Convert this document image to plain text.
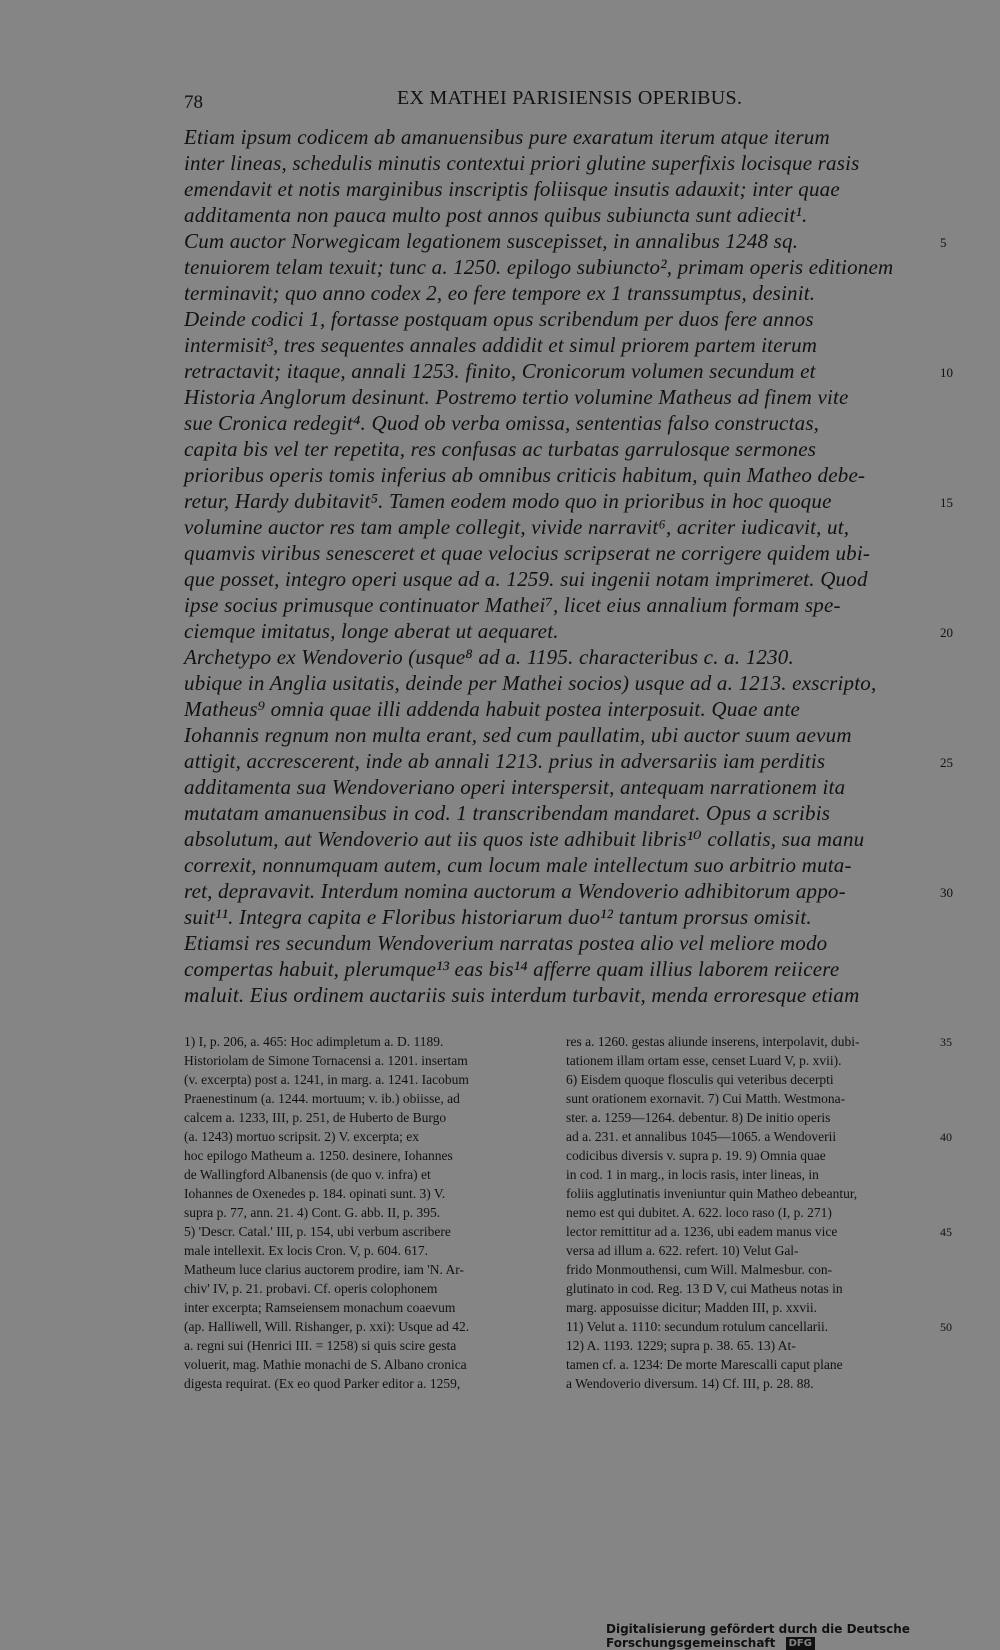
78	EX MATHEI PARISIENSIS OPERIBUS.
Etiam ipsum codicem ab amanuensibus pure exaratum iterum atque iterum
inter lineas, schedulis minutis contextui priori glutine superfixis locisque rasis
emendavit et notis marginibus inscriptis foliisque insutis adauxit; inter quae
additamenta non pauca multo post annos quibus subiuncta sunt adiecit¹.
Cum auctor Norwegicam legationem suscepisset, in annalibus 1248 sq.
tenuiorem telam texuit; tunc a. 1250. epilogo subiuncto², primam operis editionem
terminavit; quo anno codex 2, eo fere tempore ex 1 transsumptus, desinit.
Deinde codici 1, fortasse postquam opus scribendum per duos fere annos
intermisit³, tres sequentes annales addidit et simul priorem partem iterum
retractavit; itaque, annali 1253. finito, Cronicorum volumen secundum et
Historia Anglorum desinunt. Postremo tertio volumine Matheus ad finem vite
sue Cronica redegit⁴. Quod ob verba omissa, sententias falso constructas,
capita bis vel ter repetita, res confusas ac turbatas garrulosque sermones
prioribus operis tomis inferius ab omnibus criticis habitum, quin Matheo debe-
retur, Hardy dubitavit⁵. Tamen eodem modo quo in prioribus in hoc quoque
volumine auctor res tam ample collegit, vivide narravit⁶, acriter iudicavit, ut,
quamvis viribus senesceret et quae velocius scripserat ne corrigere quidem ubi-
que posset, integro operi usque ad a. 1259. sui ingenii notam imprimeret. Quod
ipse socius primusque continuator Mathei⁷, licet eius annalium formam spe-
ciemque imitatus, longe aberat ut aequaret.
Archetypo ex Wendoverio (usque⁸ ad a. 1195. characteribus c. a. 1230.
ubique in Anglia usitatis, deinde per Mathei socios) usque ad a. 1213. exscripto,
Matheus⁹ omnia quae illi addenda habuit postea interposuit. Quae ante
Iohannis regnum non multa erant, sed cum paullatim, ubi auctor suum aevum
attigit, accrescerent, inde ab annali 1213. prius in adversariis iam perditis
additamenta sua Wendoveriano operi interspersit, antequam narrationem ita
mutatam amanuensibus in cod. 1 transcribendam mandaret. Opus a scribis
absolutum, aut Wendoverio aut iis quos iste adhibuit libris¹⁰ collatis, sua manu
correxit, nonnumquam autem, cum locum male intellectum suo arbitrio muta-
ret, depravavit. Interdum nomina auctorum a Wendoverio adhibitorum appo-
suit¹¹. Integra capita e Floribus historiarum duo¹² tantum prorsus omisit.
Etiamsi res secundum Wendoverium narratas postea alio vel meliore modo
compertas habuit, plerumque¹³ eas bis¹⁴ afferre quam illius laborem reiicere
maluit. Eius ordinem auctariis suis interdum turbavit, menda erroresque etiam
5
10
15
20
25
30
1) I, p. 206, a. 465: Hoc adimpletum a. D. 1189.
Historiolam de Simone Tornacensi a. 1201. insertam
(v. excerpta) post a. 1241, in marg. a. 1241. Iacobum
Praenestinum (a. 1244. mortuum; v. ib.) obiisse, ad
calcem a. 1233, III, p. 251, de Huberto de Burgo
(a. 1243) mortuo scripsit. 2) V. excerpta; ex
hoc epilogo Matheum a. 1250. desinere, Iohannes
de Wallingford Albanensis (de quo v. infra) et
Iohannes de Oxenedes p. 184. opinati sunt. 3) V.
supra p. 77, ann. 21. 4) Cont. G. abb. II, p. 395.
5) 'Descr. Catal.' III, p. 154, ubi verbum ascribere
male intellexit. Ex locis Cron. V, p. 604. 617.
Matheum luce clarius auctorem prodire, iam 'N. Ar-
chiv' IV, p. 21. probavi. Cf. operis colophonem
inter excerpta; Ramseiensem monachum coaevum
(ap. Halliwell, Will. Rishanger, p. xxi): Usque ad 42.
a. regni sui (Henrici III. = 1258) si quis scire gesta
voluerit, mag. Mathie monachi de S. Albano cronica
digesta requirat. (Ex eo quod Parker editor a. 1259,
res a. 1260. gestas aliunde inserens, interpolavit, dubi-
tationem illam ortam esse, censet Luard V, p. xvii).
6) Eisdem quoque flosculis qui veteribus decerpti
sunt orationem exornavit. 7) Cui Matth. Westmona-
ster. a. 1259—1264. debentur. 8) De initio operis
ad a. 231. et annalibus 1045—1065. a Wendoverii
codicibus diversis v. supra p. 19. 9) Omnia quae
in cod. 1 in marg., in locis rasis, inter lineas, in
foliis agglutinatis inveniuntur quin Matheo debeantur,
nemo est qui dubitet. A. 622. loco raso (I, p. 271)
lector remittitur ad a. 1236, ubi eadem manus vice
versa ad illum a. 622. refert. 10) Velut Gal-
frido Monmouthensi, cum Will. Malmesbur. con-
glutinato in cod. Reg. 13 D V, cui Matheus notas in
marg. apposuisse dicitur; Madden III, p. xxvii.
11) Velut a. 1110: secundum rotulum cancellarii.
12) A. 1193. 1229; supra p. 38. 65. 13) At-
tamen cf. a. 1234: De morte Marescalli caput plane
a Wendoverio diversum. 14) Cf. III, p. 28. 88.
35
40
45
50
Digitalisierung gefördert durch die Deutsche Forschungsgemeinschaft DFG
